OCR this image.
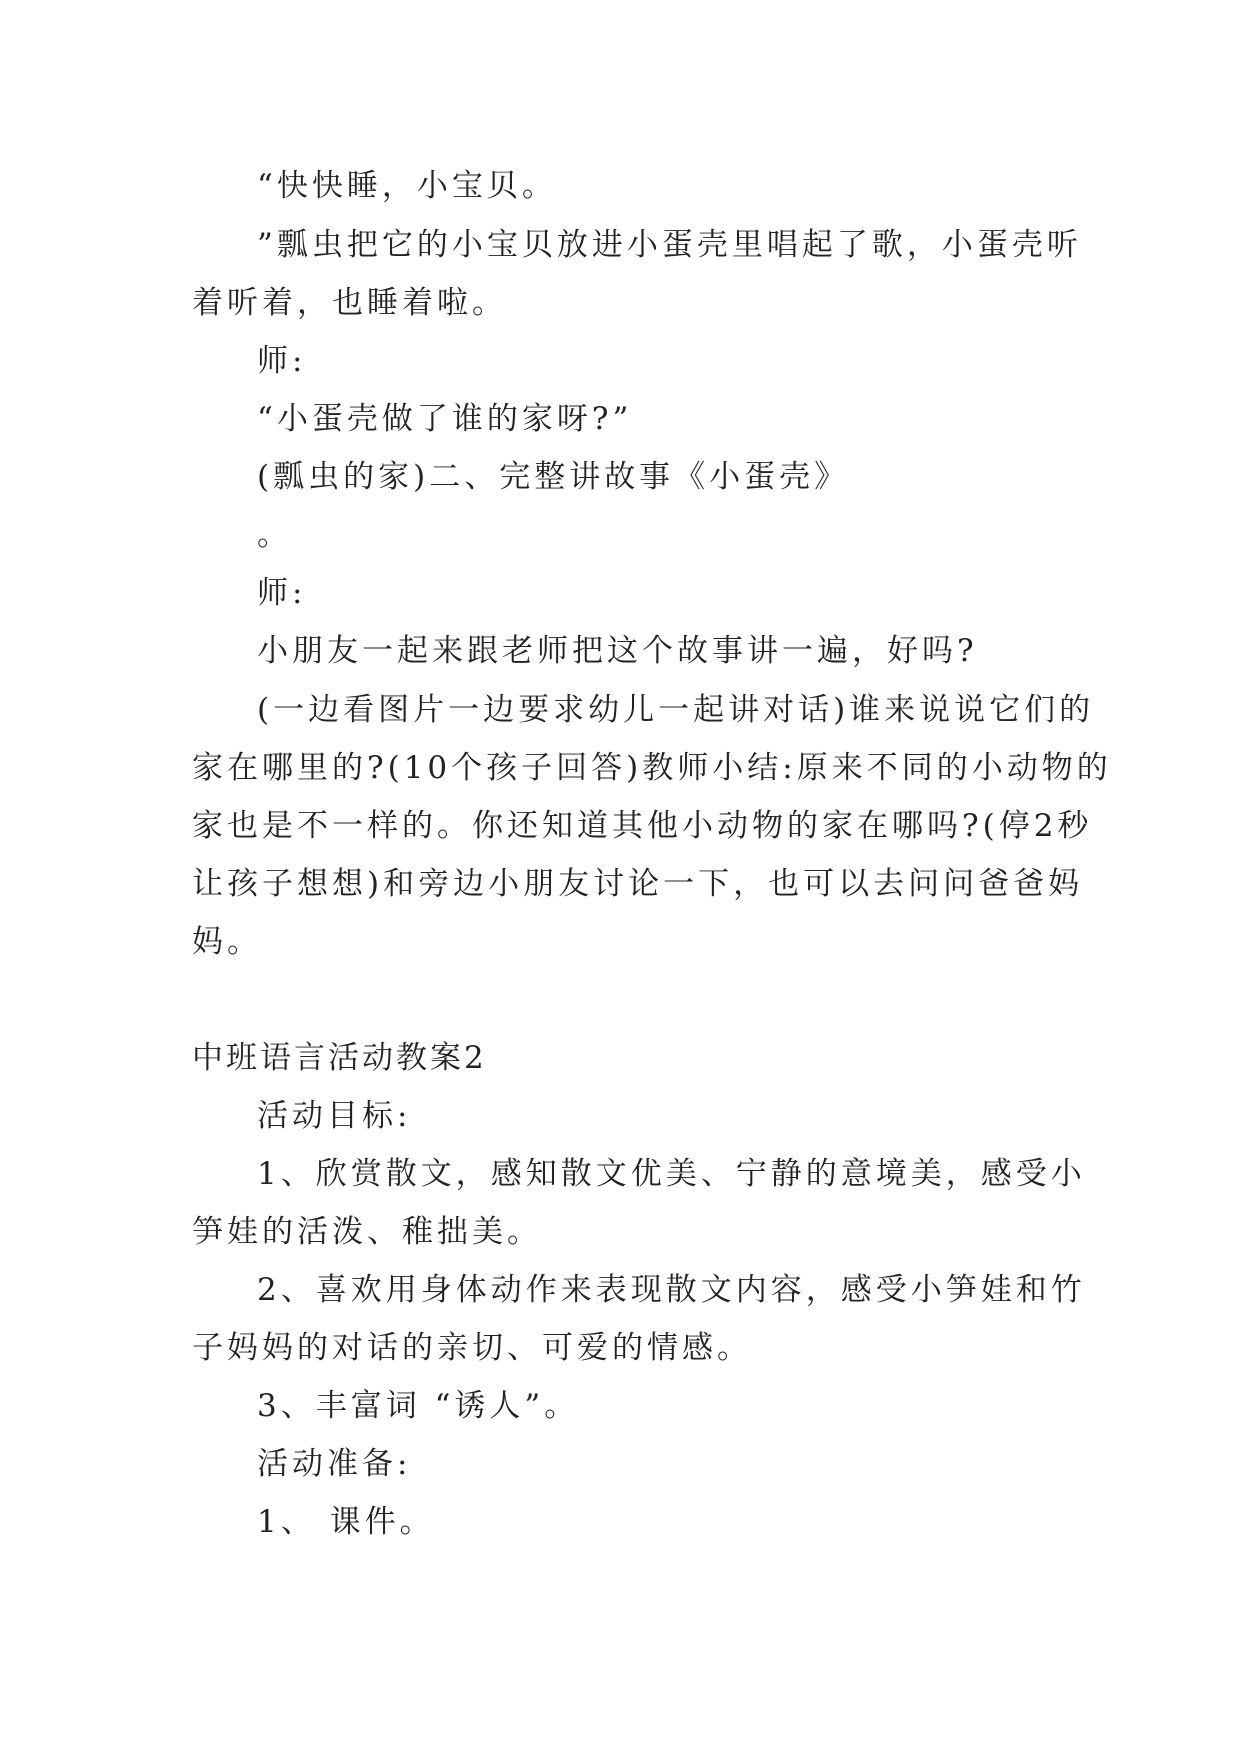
“快快睡，小宝贝。

”瓢虫把它的小宝贝放进小蛋壳里唱起了歌，小蛋壳听

着听着，也睡着啦。

师:

“小蛋壳做了谁的家呀?”

(瓢虫的家)二、完整讲故事《小蛋壳》

。

师:

小朋友一起来跟老师把这个故事讲一遍，好吗?

(一边看图片一边要求幼儿一起讲对话)谁来说说它们的

家在哪里的?(10个孩子回答)教师小结:原来不同的小动物的

家也是不一样的。你还知道其他小动物的家在哪吗?(停2秒

让孩子想想)和旁边小朋友讨论一下，也可以去问问爸爸妈

妈。

中班语言活动教案2

活动目标:

1、欣赏散文，感知散文优美、宁静的意境美，感受小

笋娃的活泼、稚拙美。

2、喜欢用身体动作来表现散文内容，感受小笋娃和竹

子妈妈的对话的亲切、可爱的情感。

3、丰富词 “诱人”。

活动准备:

1、 课件。
